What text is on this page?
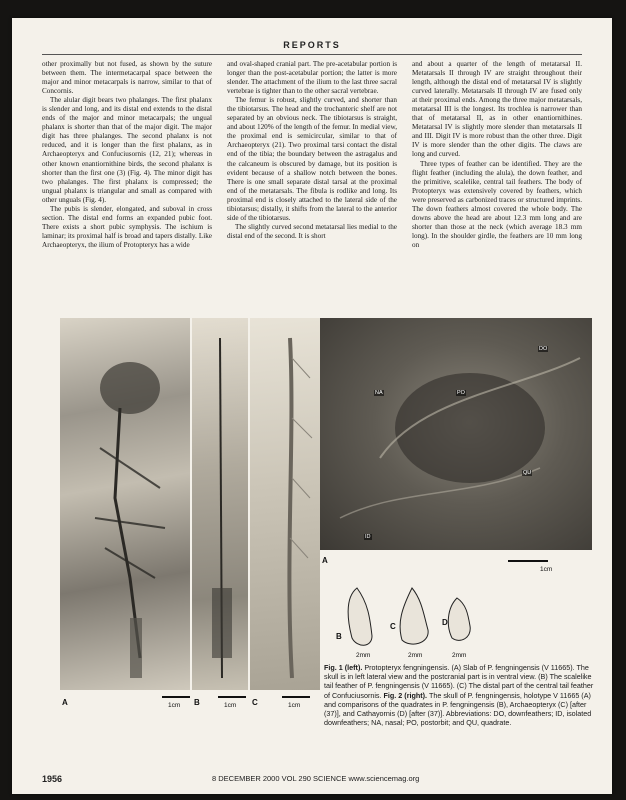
REPORTS

other proximally but not fused, as shown by the suture between them. The intermetacarpal space between the major and minor metacarpals is narrow, similar to that of Concornis.

The alular digit bears two phalanges. The first phalanx is slender and long, and its distal end extends to the distal ends of the major and minor metacarpals; the ungual phalanx is shorter than that of the major digit. The major digit has three phalanges. The second phalanx is not reduced, and it is longer than the first phalanx, as in Archaeopteryx and Confuciusornis (12, 21); whereas in other known enantiornithine birds, the second phalanx is shorter than the first one (3) (Fig. 4). The minor digit has two phalanges. The first phalanx is compressed; the ungual phalanx is triangular and small as compared with other unguals (Fig. 4).

The pubis is slender, elongated, and suboval in cross section. The distal end forms an expanded pubic foot. There exists a short pubic symphysis. The ischium is laminar; its proximal half is broad and tapers distally. Like Archaeopteryx, the ilium of Protopteryx has a wide

and oval-shaped cranial part. The pre-acetabular portion is longer than the post-acetabular portion; the latter is more slender. The attachment of the ilium to the last three sacral vertebrae is tighter than to the other sacral vertebrae.

The femur is robust, slightly curved, and shorter than the tibiotarsus. The head and the trochanteric shelf are not separated by an obvious neck. The tibiotarsus is straight, and about 120% of the length of the femur. In medial view, the proximal end is semicircular, similar to that of Archaeopteryx (21). Two proximal tarsi contact the distal end of the tibia; the boundary between the astragalus and the calcaneum is obscured by damage, but its position is evident because of a shallow notch between the bones. There is one small separate distal tarsal at the proximal end of the metatarsals. The fibula is rodlike and long. Its proximal end is closely attached to the lateral side of the tibiotarsus; distally, it shifts from the lateral to the anterior side of the tibiotarsus.

The slightly curved second metatarsal lies medial to the distal end of the second. It is short

and about a quarter of the length of metatarsal II. Metatarsals II through IV are straight throughout their length, although the distal end of metatarsal IV is slightly curved laterally. Metatarsals II through IV are fused only at their proximal ends. Among the three major metatarsals, metatarsal III is the longest. Its trochlea is narrower than that of metatarsal II, as in other enantiornithines. Metatarsal IV is slightly more slender than metatarsals II and III. Digit IV is more robust than the other three. Digit IV is more slender than the other digits. The claws are long and curved.

Three types of feather can be identified. They are the flight feather (including the alula), the down feather, and the primitive, scalelike, central tail feathers. The body of Protopteryx was extensively covered by feathers, which were preserved as carbonized traces or structured imprints. The down feathers almost covered the whole body. The downs above the head are about 12.3 mm long and are shorter than those at the neck (which average 18.3 mm long). In the shoulder girdle, the feathers are 10 mm long on

A	B	C
1cm	1cm	1cm
DO
NA	PO
QU
ID
A
1cm
B
C	D
2mm	2mm	2mm
Fig. 1 (left). Protopteryx fengningensis. (A) Slab of P. fengningensis (V 11665). The skull is in left lateral view and the postcranial part is in ventral view. (B) The scalelike tail feather of P. fengningensis (V 11665). (C) The distal part of the central tail feather of Confuciusornis. Fig. 2 (right). The skull of P. fengningensis, holotype V 11665 (A) and comparisons of the quadrates in P. fengningensis (B), Archaeopteryx (C) [after (37)], and Cathayornis (D) [after (37)]. Abbreviations: DO, downfeathers; ID, isolated downfeathers; NA, nasal; PO, postorbit; and QU, quadrate.
1956	8 DECEMBER 2000 VOL 290 SCIENCE www.sciencemag.org
